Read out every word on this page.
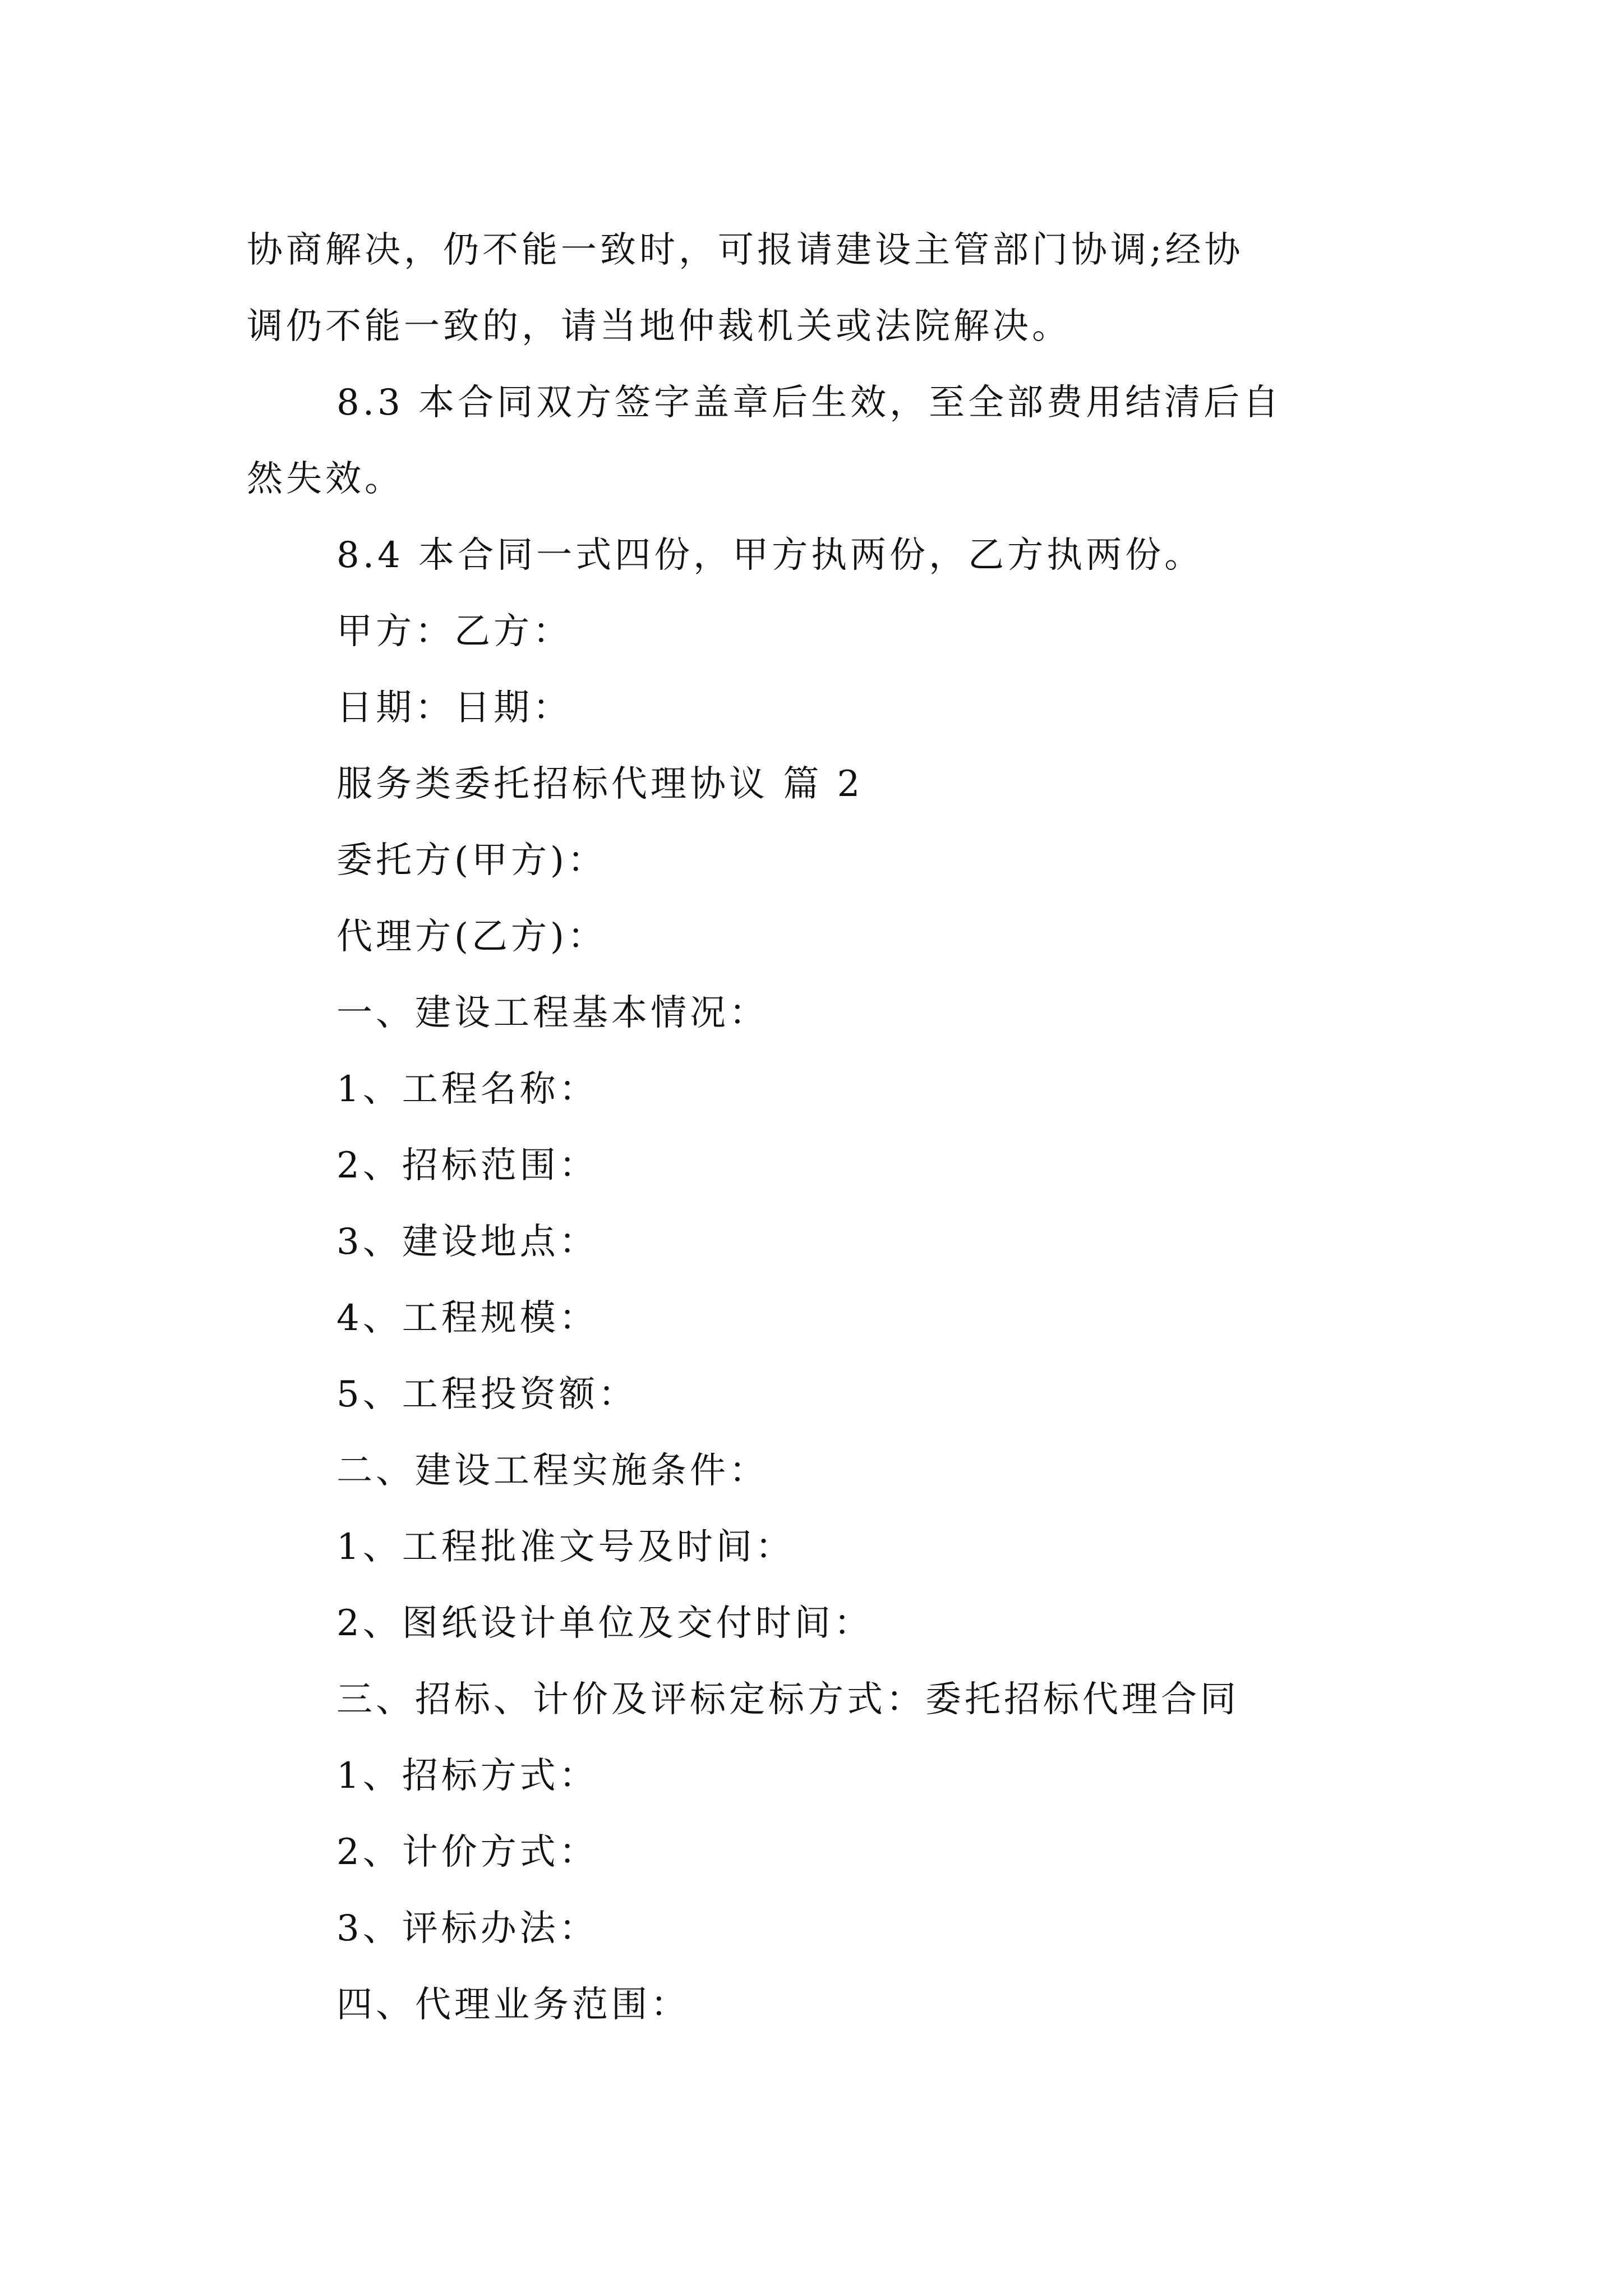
协商解决，仍不能一致时，可报请建设主管部门协调;经协
调仍不能一致的，请当地仲裁机关或法院解决。
8.3 本合同双方签字盖章后生效，至全部费用结清后自
然失效。
8.4 本合同一式四份，甲方执两份，乙方执两份。
甲方：乙方：
日期：日期：
服务类委托招标代理协议 篇 2
委托方(甲方)：
代理方(乙方)：
一、建设工程基本情况：
1、工程名称：
2、招标范围：
3、建设地点：
4、工程规模：
5、工程投资额：
二、建设工程实施条件：
1、工程批准文号及时间：
2、图纸设计单位及交付时间：
三、招标、计价及评标定标方式：委托招标代理合同
1、招标方式：
2、计价方式：
3、评标办法：
四、代理业务范围：
